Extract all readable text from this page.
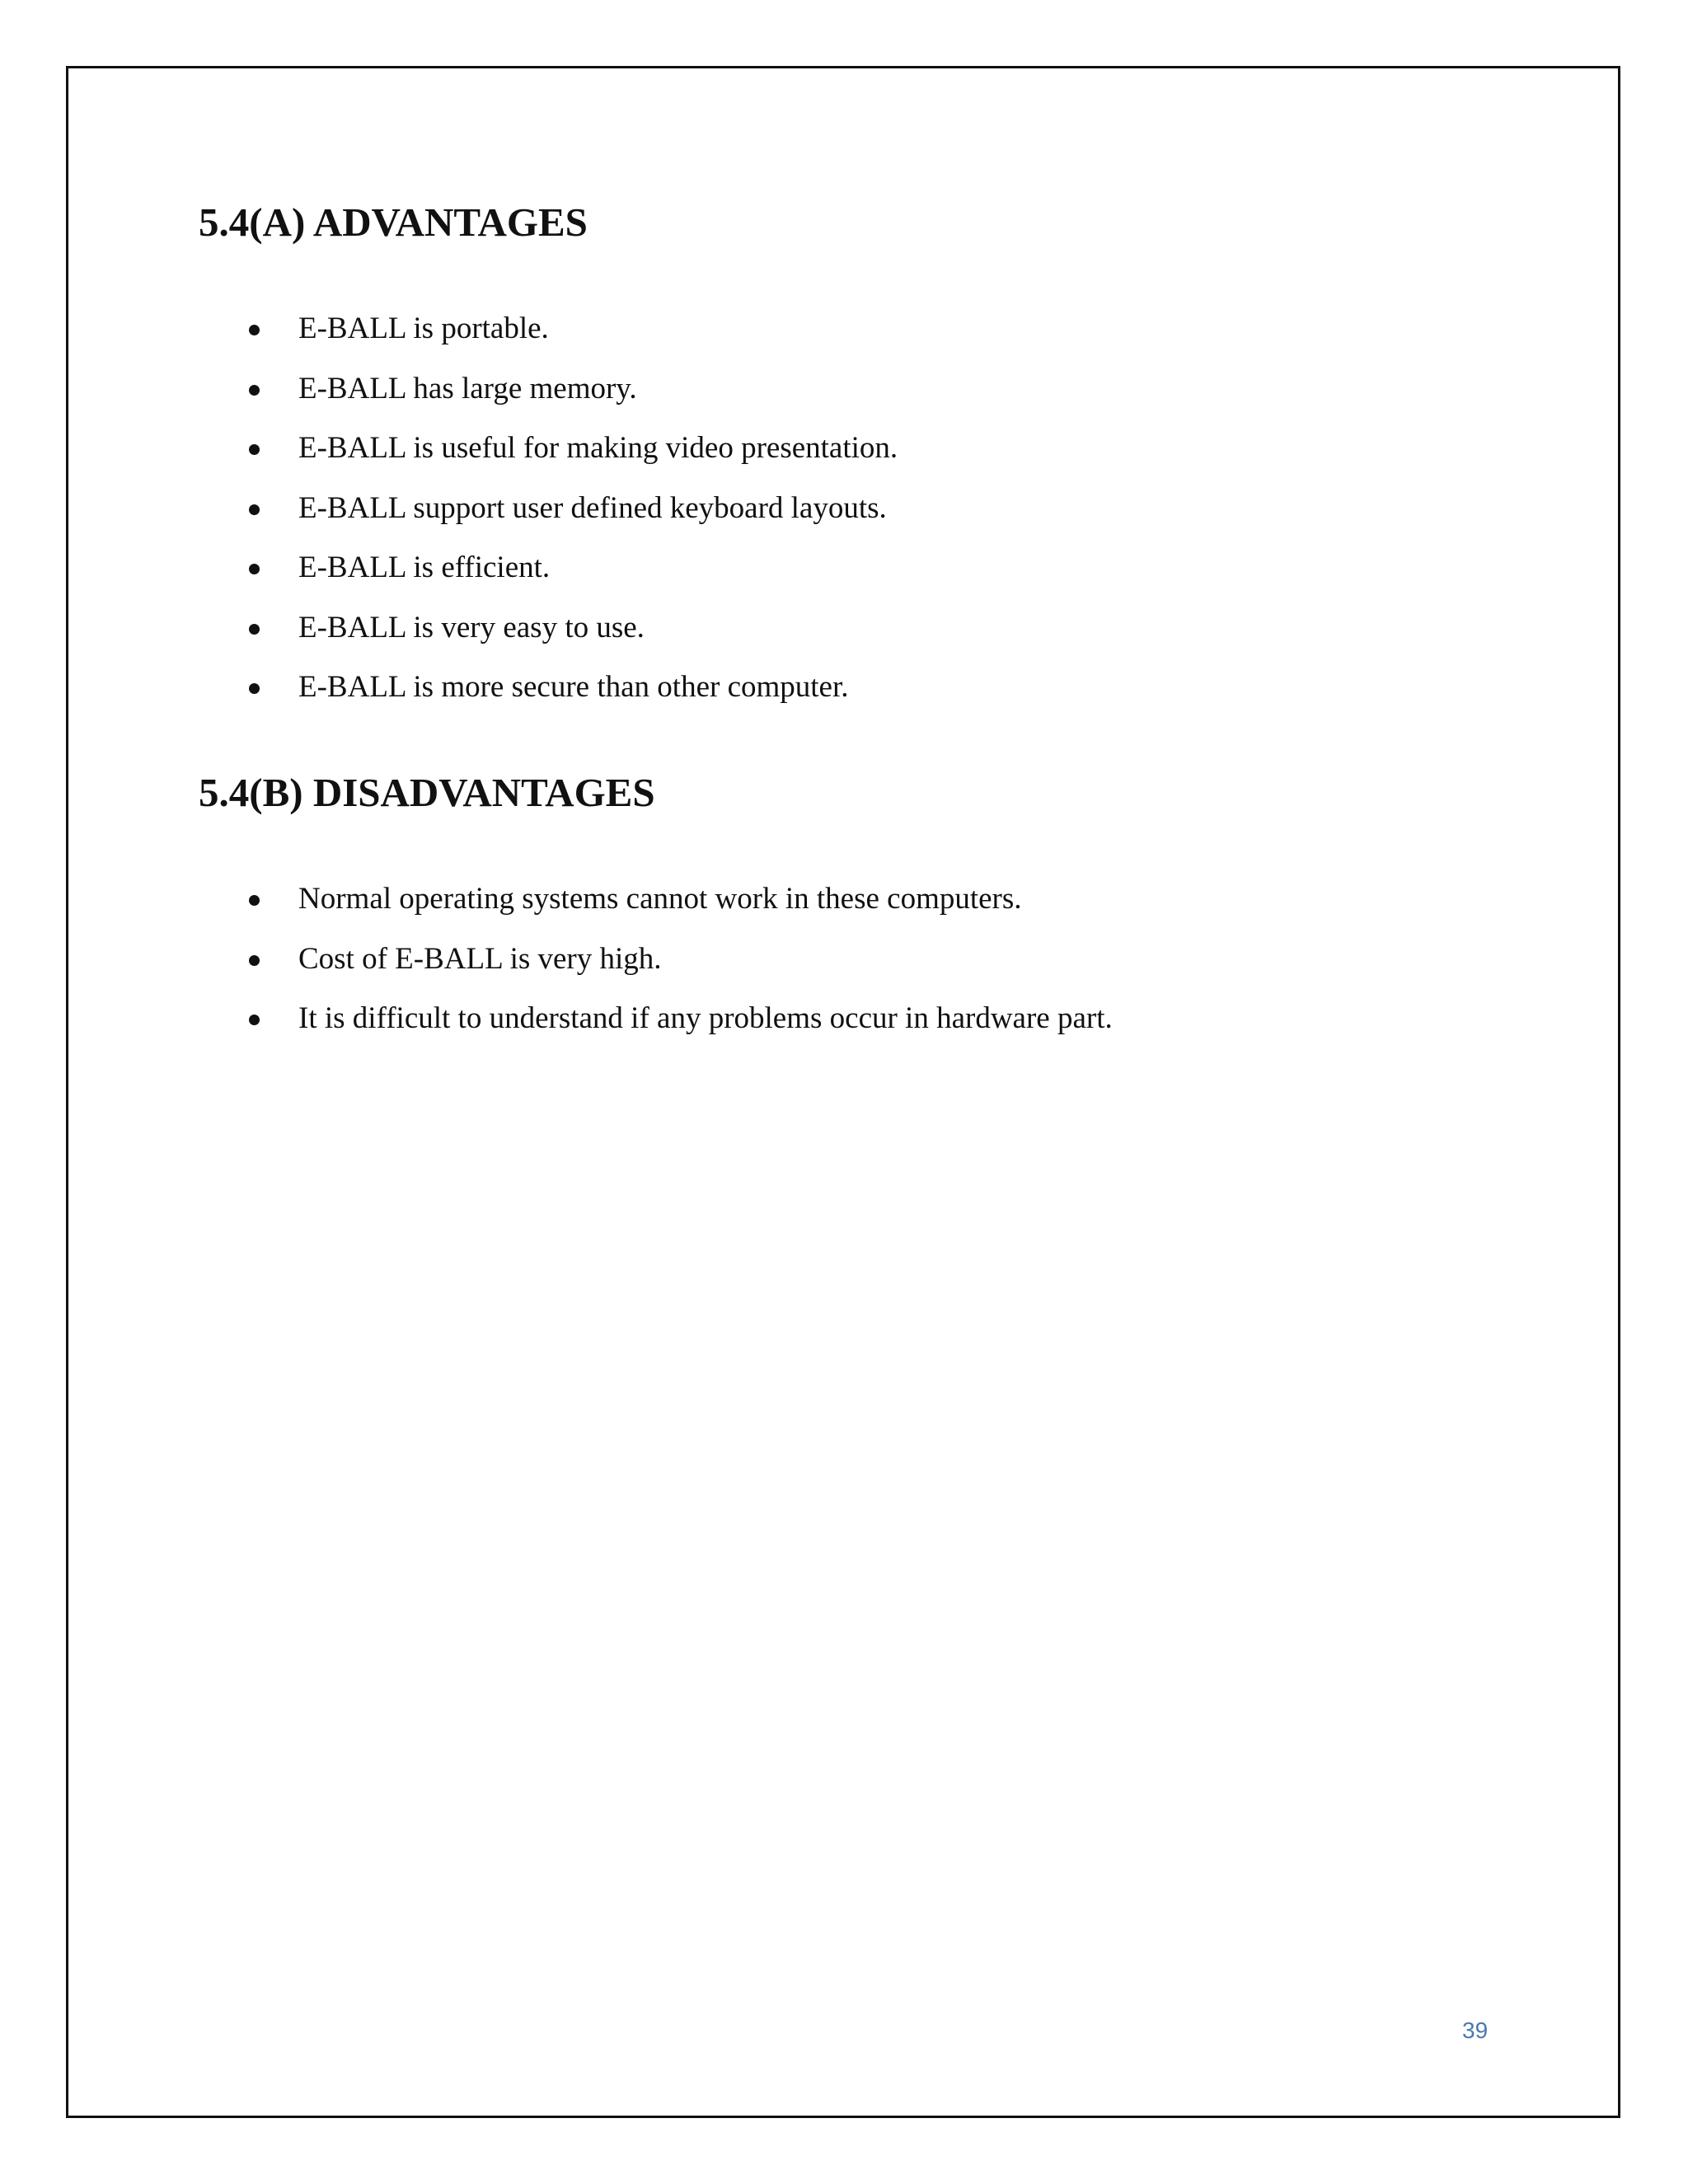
5.4(A) ADVANTAGES
E-BALL is portable.
E-BALL has large memory.
E-BALL is useful for making video presentation.
E-BALL support user defined keyboard layouts.
E-BALL is efficient.
E-BALL is very easy to use.
E-BALL is more secure than other computer.
5.4(B) DISADVANTAGES
Normal operating systems cannot work in these computers.
Cost of E-BALL is very high.
It is difficult to understand if any problems occur in hardware part.
39
